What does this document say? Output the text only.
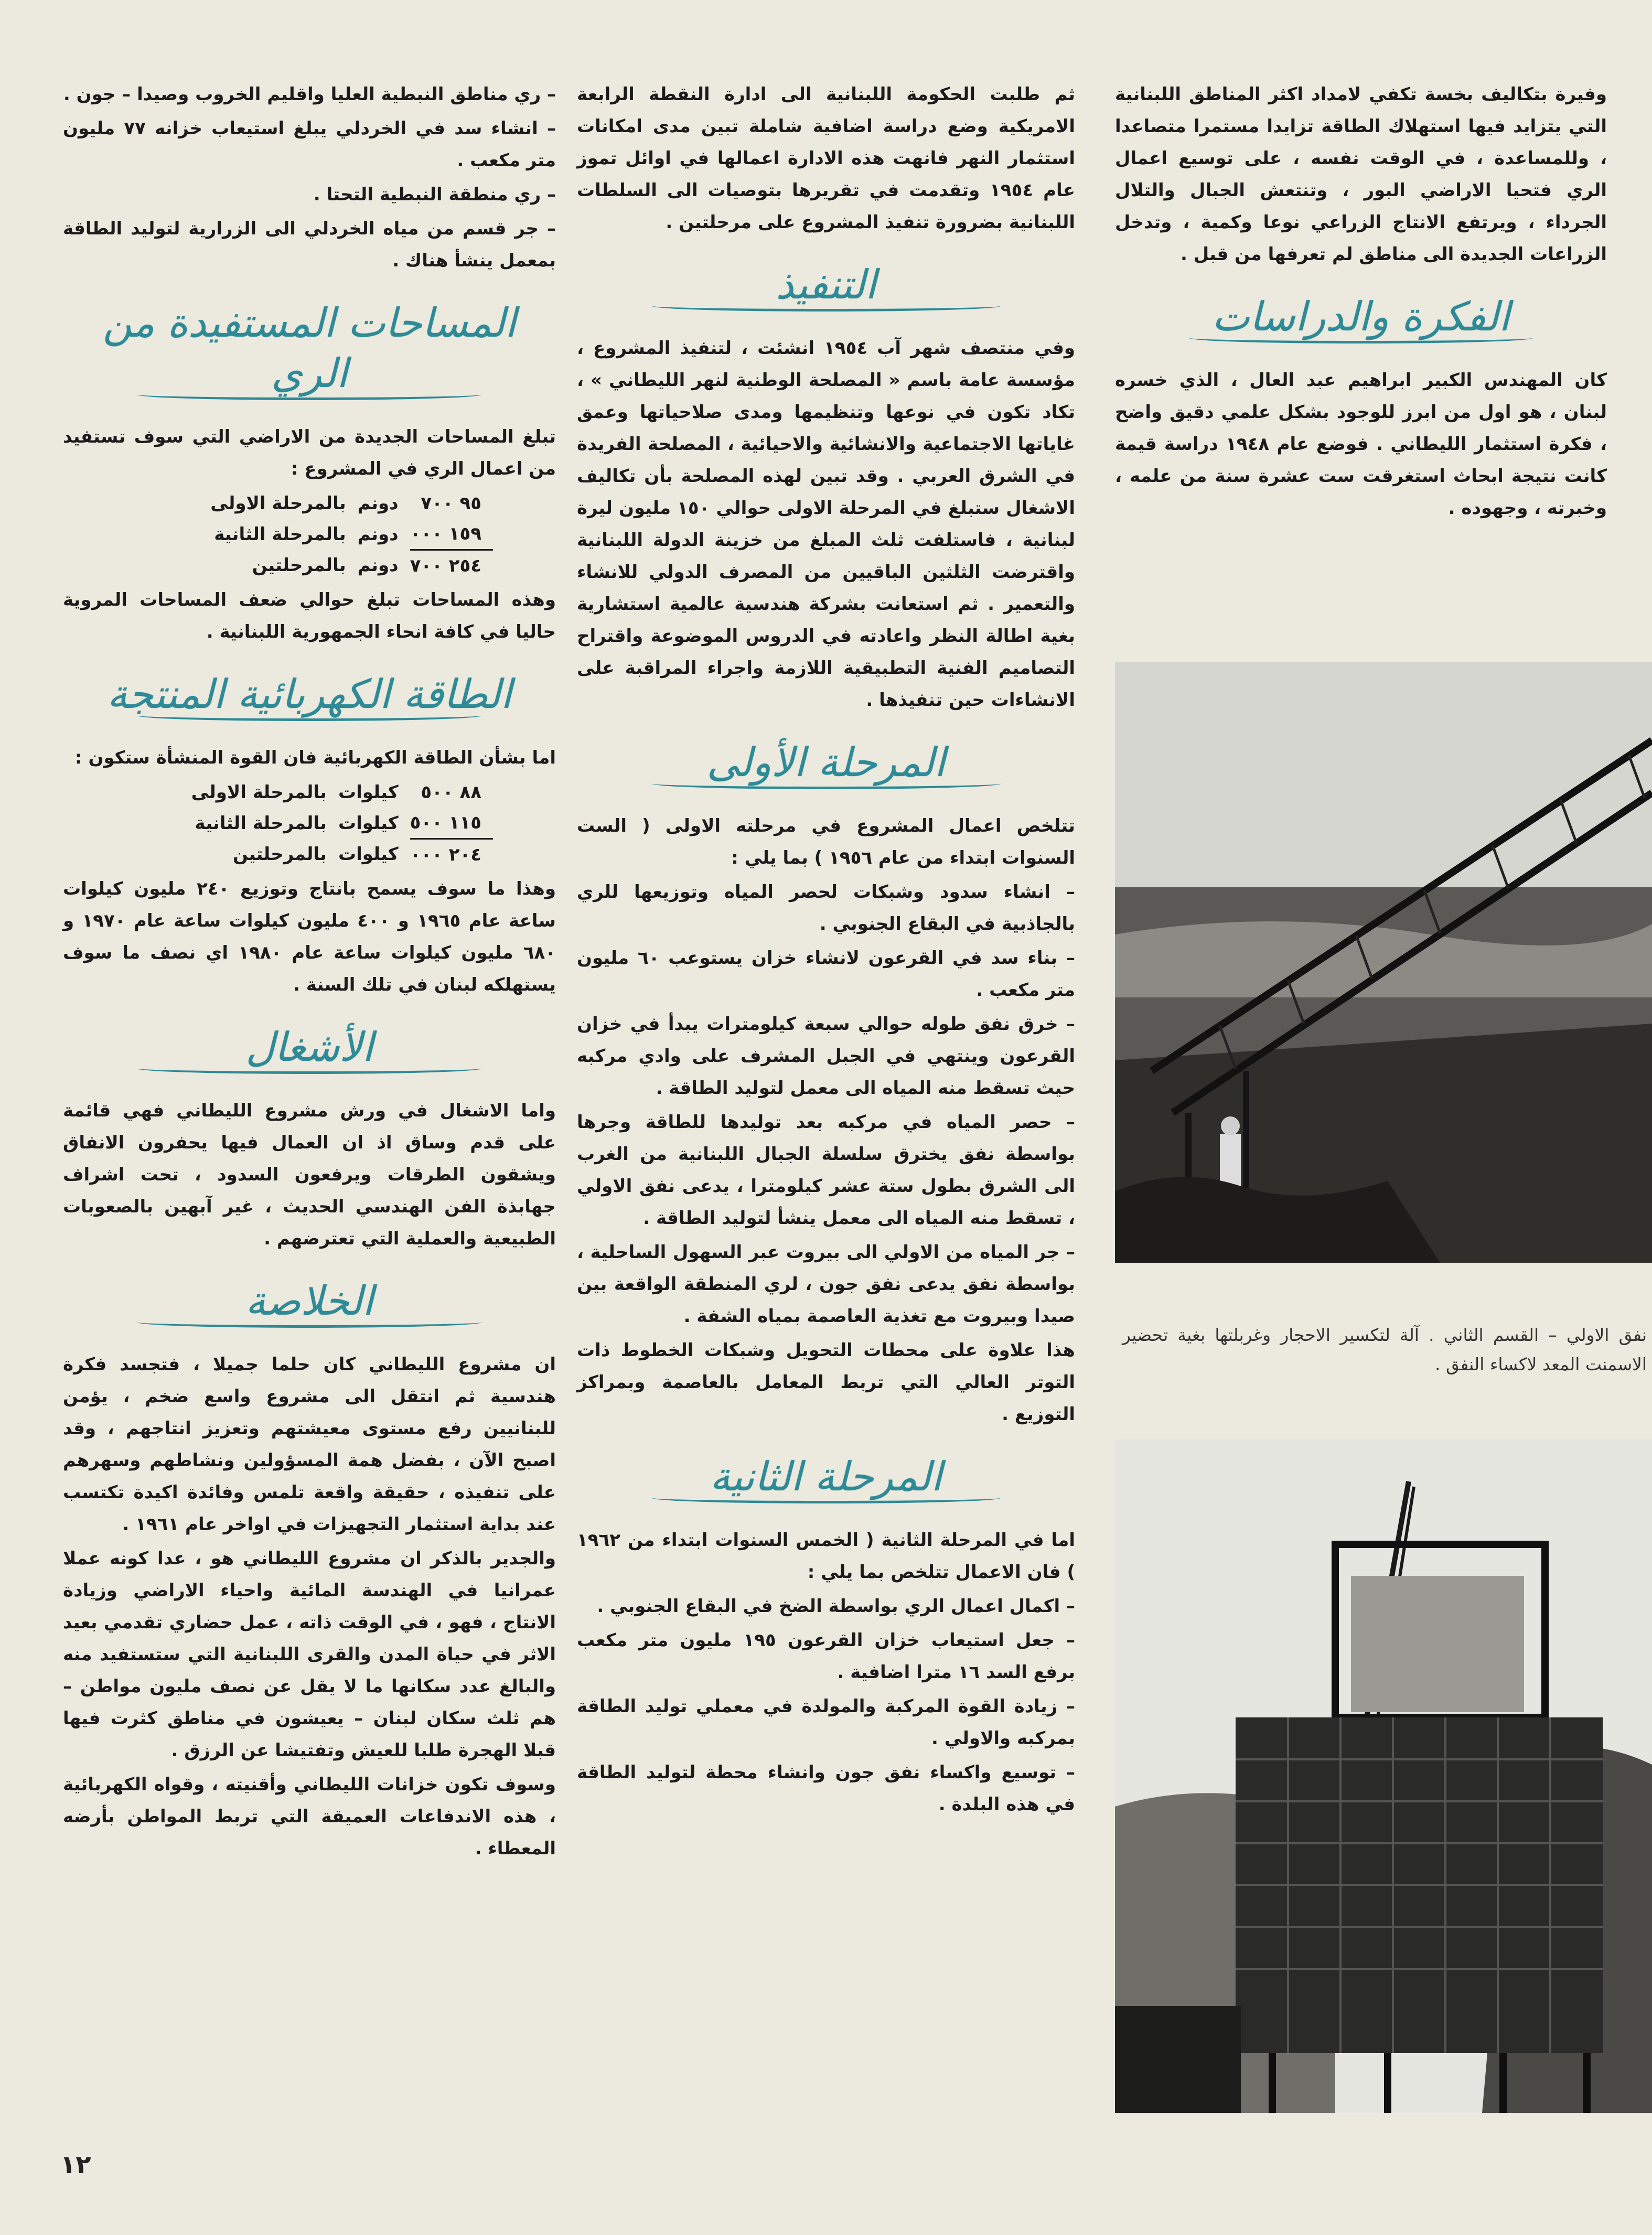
وفيرة بتكاليف بخسة تكفي لامداد اكثر المناطق اللبنانية التي يتزايد فيها استهلاك الطاقة تزايدا مستمرا متصاعدا ، وللمساعدة ، في الوقت نفسه ، على توسيع اعمال الري فتحيا الاراضي البور ، وتنتعش الجبال والتلال الجرداء ، ويرتفع الانتاج الزراعي نوعا وكمية ، وتدخل الزراعات الجديدة الى مناطق لم تعرفها من قبل .

الفكرة والدراسات

كان المهندس الكبير ابراهيم عبد العال ، الذي خسره لبنان ، هو اول من ابرز للوجود بشكل علمي دقيق واضح ، فكرة استثمار الليطاني . فوضع عام ١٩٤٨ دراسة قيمة كانت نتيجة ابحاث استغرقت ست عشرة سنة من علمه ، وخبرته ، وجهوده .

نفق الاولي – القسم الثاني . آلة لتكسير الاحجار وغربلتها بغية تحضير الاسمنت المعد لاكساء النفق .

ثم طلبت الحكومة اللبنانية الى ادارة النقطة الرابعة الامريكية وضع دراسة اضافية شاملة تبين مدى امكانات استثمار النهر فانهت هذه الادارة اعمالها في اوائل تموز عام ١٩٥٤ وتقدمت في تقريرها بتوصيات الى السلطات اللبنانية بضرورة تنفيذ المشروع على مرحلتين .

التنفيذ

وفي منتصف شهر آب ١٩٥٤ انشئت ، لتنفيذ المشروع ، مؤسسة عامة باسم « المصلحة الوطنية لنهر الليطاني » ، تكاد تكون في نوعها وتنظيمها ومدى صلاحياتها وعمق غاياتها الاجتماعية والانشائية والاحيائية ، المصلحة الفريدة في الشرق العربي . وقد تبين لهذه المصلحة بأن تكاليف الاشغال ستبلغ في المرحلة الاولى حوالي ١٥٠ مليون ليرة لبنانية ، فاستلفت ثلث المبلغ من خزينة الدولة اللبنانية واقترضت الثلثين الباقيين من المصرف الدولي للانشاء والتعمير . ثم استعانت بشركة هندسية عالمية استشارية بغية اطالة النظر واعادته في الدروس الموضوعة واقتراح التصاميم الفنية التطبيقية اللازمة واجراء المراقبة على الانشاءات حين تنفيذها .

المرحلة الأولى

تتلخص اعمال المشروع في مرحلته الاولى ( الست السنوات ابتداء من عام ١٩٥٦ ) بما يلي :

– انشاء سدود وشبكات لحصر المياه وتوزيعها للري بالجاذبية في البقاع الجنوبي .

– بناء سد في القرعون لانشاء خزان يستوعب ٦٠ مليون متر مكعب .

– خرق نفق طوله حوالي سبعة كيلومترات يبدأ في خزان القرعون وينتهي في الجبل المشرف على وادي مركبه حيث تسقط منه المياه الى معمل لتوليد الطاقة .

– حصر المياه في مركبه بعد توليدها للطاقة وجرها بواسطة نفق يخترق سلسلة الجبال اللبنانية من الغرب الى الشرق بطول ستة عشر كيلومترا ، يدعى نفق الاولي ، تسقط منه المياه الى معمل ينشأ لتوليد الطاقة .

– جر المياه من الاولي الى بيروت عبر السهول الساحلية ، بواسطة نفق يدعى نفق جون ، لري المنطقة الواقعة بين صيدا وبيروت مع تغذية العاصمة بمياه الشفة .

هذا علاوة على محطات التحويل وشبكات الخطوط ذات التوتر العالي التي تربط المعامل بالعاصمة وبمراكز التوزيع .

المرحلة الثانية

اما في المرحلة الثانية ( الخمس السنوات ابتداء من ١٩٦٢ ) فان الاعمال تتلخص بما يلي :

– اكمال اعمال الري بواسطة الضخ في البقاع الجنوبي .

– جعل استيعاب خزان القرعون ١٩٥ مليون متر مكعب برفع السد ١٦ مترا اضافية .

– زيادة القوة المركبة والمولدة في معملي توليد الطاقة بمركبه والاولي .

– توسيع واكساء نفق جون وانشاء محطة لتوليد الطاقة في هذه البلدة .

– ري مناطق النبطية العليا واقليم الخروب وصيدا – جون .

– انشاء سد في الخردلي يبلغ استيعاب خزانه ٧٧ مليون متر مكعب .

– ري منطقة النبطية التحتا .

– جر قسم من مياه الخردلي الى الزرارية لتوليد الطاقة بمعمل ينشأ هناك .

المساحات المستفيدة من الري

تبلغ المساحات الجديدة من الاراضي التي سوف تستفيد من اعمال الري في المشروع :

٩٥ ٧٠٠	دونم	بالمرحلة الاولى
١٥٩ ٠٠٠	دونم	بالمرحلة الثانية
٢٥٤ ٧٠٠	دونم	بالمرحلتين

وهذه المساحات تبلغ حوالي ضعف المساحات المروية حاليا في كافة انحاء الجمهورية اللبنانية .

الطاقة الكهربائية المنتجة

اما بشأن الطاقة الكهربائية فان القوة المنشأة ستكون :

٨٨ ٥٠٠	كيلوات	بالمرحلة الاولى
١١٥ ٥٠٠	كيلوات	بالمرحلة الثانية
٢٠٤ ٠٠٠	كيلوات	بالمرحلتين

وهذا ما سوف يسمح بانتاج وتوزيع ٢٤٠ مليون كيلوات ساعة عام ١٩٦٥ و ٤٠٠ مليون كيلوات ساعة عام ١٩٧٠ و ٦٨٠ مليون كيلوات ساعة عام ١٩٨٠ اي نصف ما سوف يستهلكه لبنان في تلك السنة .

الأشغال

واما الاشغال في ورش مشروع الليطاني فهي قائمة على قدم وساق اذ ان العمال فيها يحفرون الانفاق ويشقون الطرقات ويرفعون السدود ، تحت اشراف جهابذة الفن الهندسي الحديث ، غير آبهين بالصعوبات الطبيعية والعملية التي تعترضهم .

الخلاصة

ان مشروع الليطاني كان حلما جميلا ، فتجسد فكرة هندسية ثم انتقل الى مشروع واسع ضخم ، يؤمن للبنانيين رفع مستوى معيشتهم وتعزيز انتاجهم ، وقد اصبح الآن ، بفضل همة المسؤولين ونشاطهم وسهرهم على تنفيذه ، حقيقة واقعة تلمس وفائدة اكيدة تكتسب عند بداية استثمار التجهيزات في اواخر عام ١٩٦١ .

والجدير بالذكر ان مشروع الليطاني هو ، عدا كونه عملا عمرانيا في الهندسة المائية واحياء الاراضي وزيادة الانتاج ، فهو ، في الوقت ذاته ، عمل حضاري تقدمي بعيد الاثر في حياة المدن والقرى اللبنانية التي ستستفيد منه والبالغ عدد سكانها ما لا يقل عن نصف مليون مواطن – هم ثلث سكان لبنان – يعيشون في مناطق كثرت فيها قبلا الهجرة طلبا للعيش وتفتيشا عن الرزق .

وسوف تكون خزانات الليطاني وأقنيته ، وقواه الكهربائية ، هذه الاندفاعات العميقة التي تربط المواطن بأرضه المعطاء .

١٢
